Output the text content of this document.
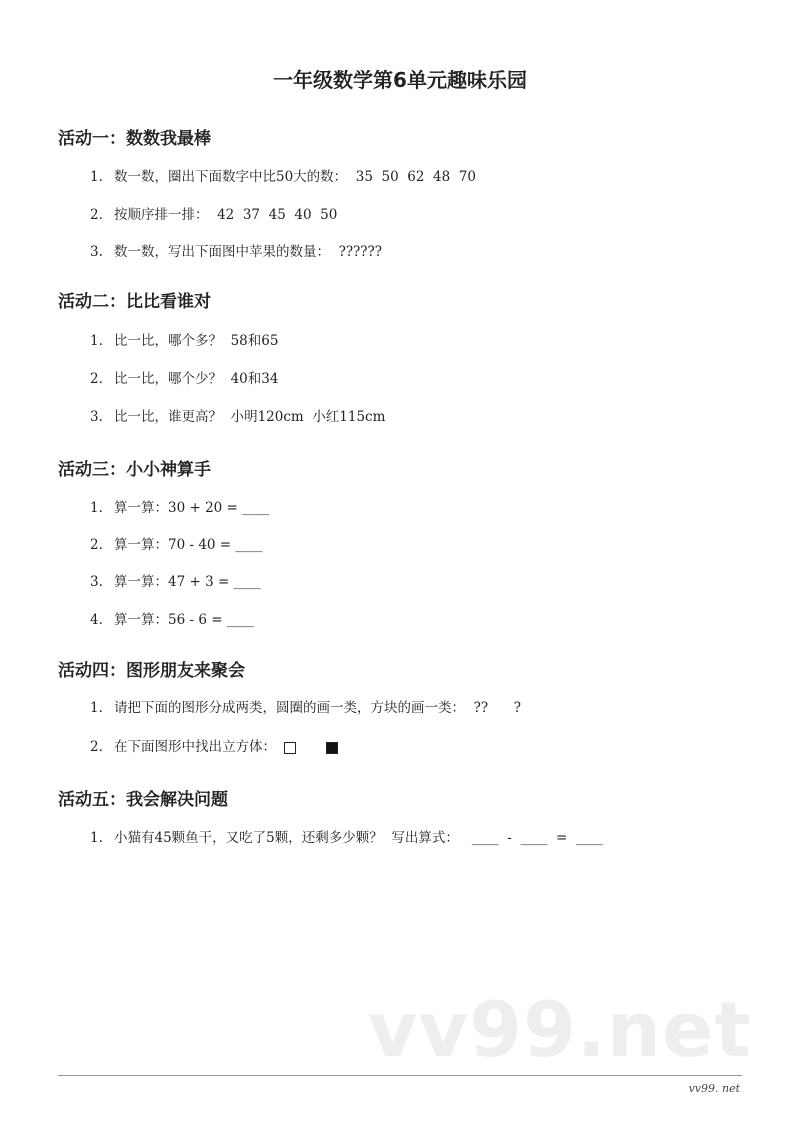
一年级数学第6单元趣味乐园
活动一：数数我最棒
1. 数一数，圈出下面数字中比50大的数：  35  50  62  48  70
2. 按顺序排一排：  42  37  45  40  50
3. 数一数，写出下面图中苹果的数量：  ??????
活动二：比比看谁对
1. 比一比，哪个多？  58和65
2. 比一比，哪个少？  40和34
3. 比一比，谁更高？  小明120cm  小红115cm
活动三：小小神算手
1. 算一算：30 + 20 = ____
2. 算一算：70 - 40 = ____
3. 算一算：47 + 3 = ____
4. 算一算：56 - 6 = ____
活动四：图形朋友来聚会
1. 请把下面的图形分成两类，圆圈的画一类，方块的画一类：  ??      ?
2. 在下面图形中找出立方体：
活动五：我会解决问题
1. 小猫有45颗鱼干，又吃了5颗，还剩多少颗？  写出算式：   ____  -  ____  =  ____
vv99.net
vv99. net
